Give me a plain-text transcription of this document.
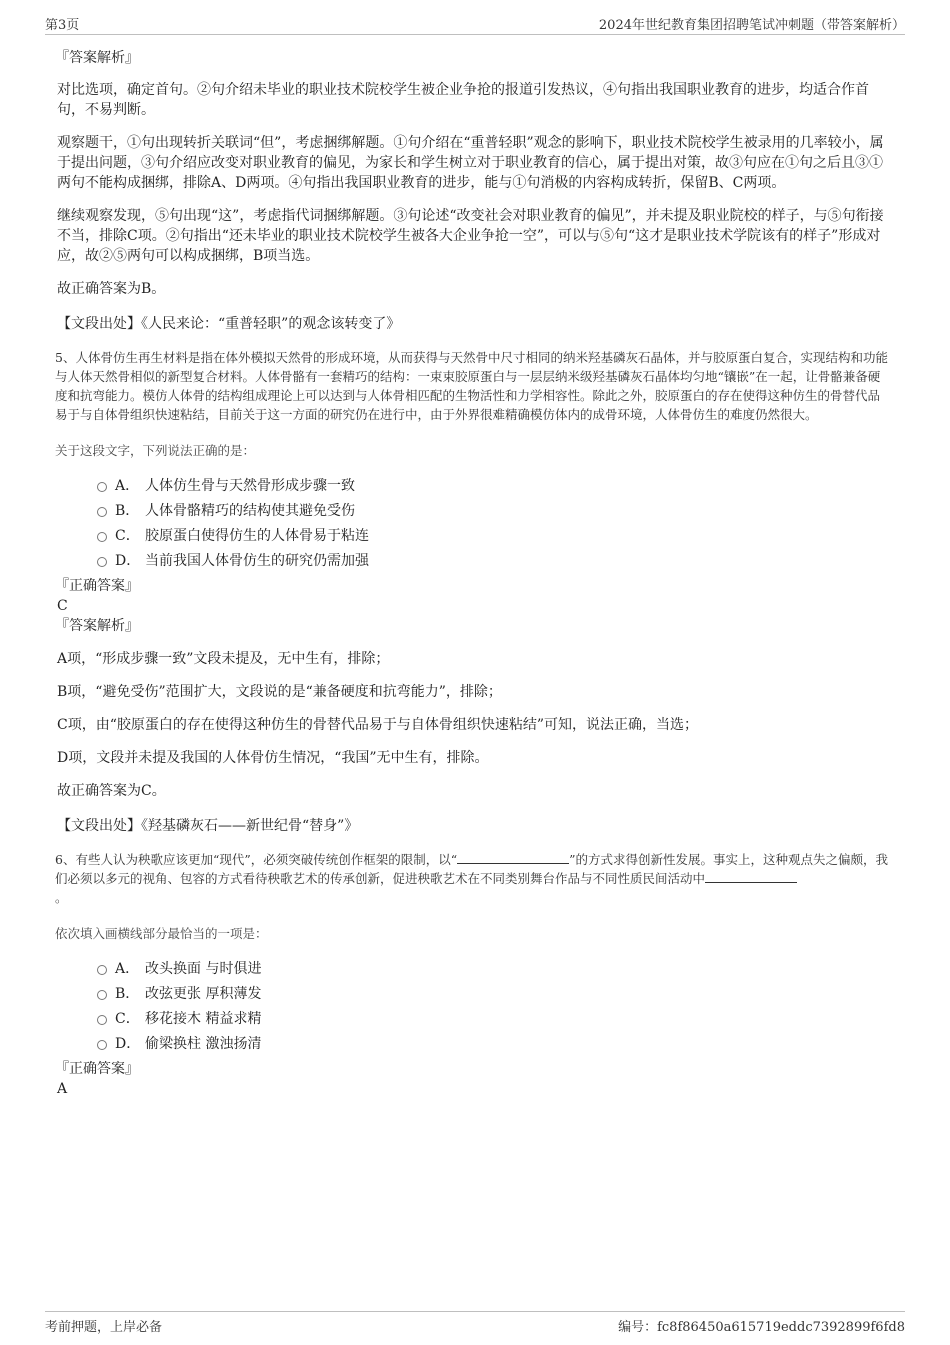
第3页	2024年世纪教育集团招聘笔试冲刺题（带答案解析）

『答案解析』

对比选项，确定首句。②句介绍未毕业的职业技术院校学生被企业争抢的报道引发热议，④句指出我国职业教育的进步，均适合作首句，不易判断。

观察题干，①句出现转折关联词“但”，考虑捆绑解题。①句介绍在“重普轻职”观念的影响下，职业技术院校学生被录用的几率较小，属于提出问题，③句介绍应改变对职业教育的偏见，为家长和学生树立对于职业教育的信心，属于提出对策，故③句应在①句之后且③①两句不能构成捆绑，排除A、D两项。④句指出我国职业教育的进步，能与①句消极的内容构成转折，保留B、C两项。

继续观察发现，⑤句出现“这”，考虑指代词捆绑解题。③句论述“改变社会对职业教育的偏见”，并未提及职业院校的样子，与⑤句衔接不当，排除C项。②句指出“还未毕业的职业技术院校学生被各大企业争抢一空”，可以与⑤句“这才是职业技术学院该有的样子”形成对应，故②⑤两句可以构成捆绑，B项当选。

故正确答案为B。

【文段出处】《人民来论：“重普轻职”的观念该转变了》

5、人体骨仿生再生材料是指在体外模拟天然骨的形成环境，从而获得与天然骨中尺寸相同的纳米羟基磷灰石晶体，并与胶原蛋白复合，实现结构和功能与人体天然骨相似的新型复合材料。人体骨骼有一套精巧的结构：一束束胶原蛋白与一层层纳米级羟基磷灰石晶体均匀地“镶嵌”在一起，让骨骼兼备硬度和抗弯能力。模仿人体骨的结构组成理论上可以达到与人体骨相匹配的生物活性和力学相容性。除此之外，胶原蛋白的存在使得这种仿生的骨替代品易于与自体骨组织快速粘结，目前关于这一方面的研究仍在进行中，由于外界很难精确模仿体内的成骨环境，人体骨仿生的难度仍然很大。

关于这段文字，下列说法正确的是：

A． 人体仿生骨与天然骨形成步骤一致
B． 人体骨骼精巧的结构使其避免受伤
C． 胶原蛋白使得仿生的人体骨易于粘连
D． 当前我国人体骨仿生的研究仍需加强

『正确答案』

C

『答案解析』

A项，“形成步骤一致”文段未提及，无中生有，排除；

B项，“避免受伤”范围扩大，文段说的是“兼备硬度和抗弯能力”，排除；

C项，由“胶原蛋白的存在使得这种仿生的骨替代品易于与自体骨组织快速粘结”可知，说法正确，当选；

D项，文段并未提及我国的人体骨仿生情况，“我国”无中生有，排除。

故正确答案为C。

【文段出处】《羟基磷灰石——新世纪骨“替身”》

6、有些人认为秧歌应该更加“现代”，必须突破传统创作框架的限制，以“	”的方式求得创新性发展。事实上，这种观点失之偏颇，我们必须以多元的视角、包容的方式看待秧歌艺术的传承创新，促进秧歌艺术在不同类别舞台作品与不同性质民间活动中
。

依次填入画横线部分最恰当的一项是：

A． 改头换面 与时俱进
B． 改弦更张 厚积薄发
C． 移花接木 精益求精
D． 偷梁换柱 激浊扬清

『正确答案』

A

考前押题，上岸必备	编号：fc8f86450a615719eddc7392899f6fd8
